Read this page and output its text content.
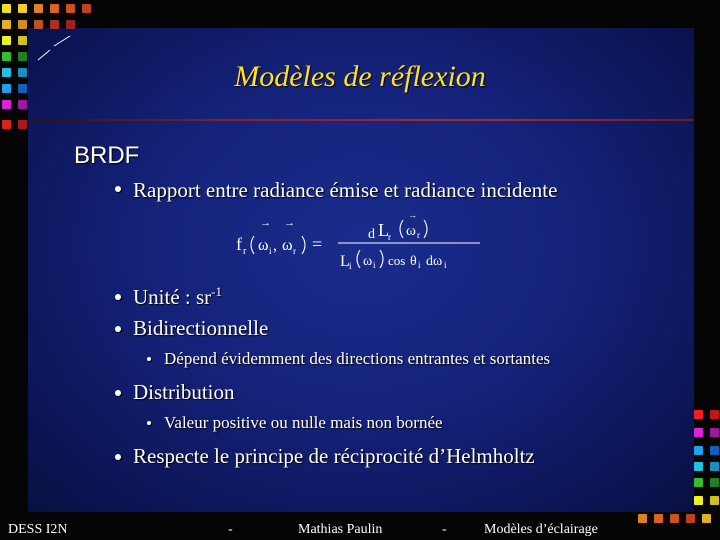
Modèles de réflexion
BRDF
Rapport entre radiance émise et radiance incidente
f r ω i , ω r
→ →
=	d L r ω r
→
L i ω i cos θ i dω i
Unité : $sr^{-1}$
Bidirectionnelle
Dépend évidemment des directions entrantes et sortantes
Distribution
Valeur positive ou nulle mais non bornée
Respecte le principe de réciprocité d’Helmholtz
DESS I2N	-	Mathias Paulin	-	Modèles d’éclairage
